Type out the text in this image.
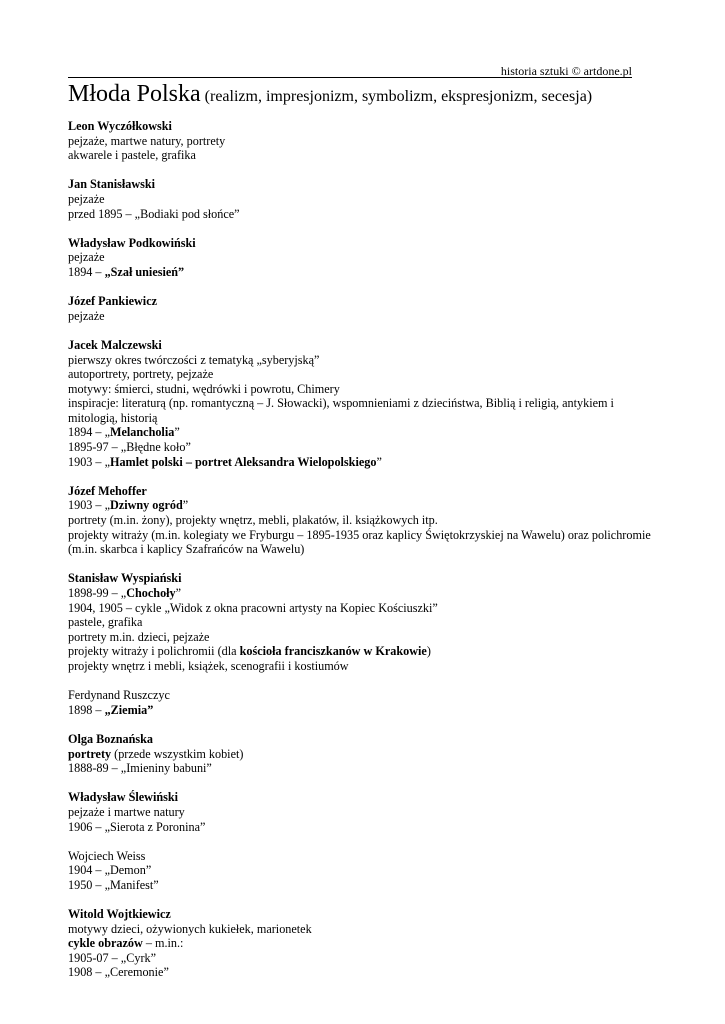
historia sztuki © artdone.pl
Młoda Polska (realizm, impresjonizm, symbolizm, ekspresjonizm, secesja)
Leon Wyczółkowski
pejzaże, martwe natury, portrety
akwarele i pastele, grafika
Jan Stanisławski
pejzaże
przed 1895 – „Bodiaki pod słońce”
Władysław Podkowiński
pejzaże
1894 – „Szał uniesień”
Józef Pankiewicz
pejzaże
Jacek Malczewski
pierwszy okres twórczości z tematyką „syberyjską”
autoportrety, portrety, pejzaże
motywy: śmierci, studni, wędrówki i powrotu, Chimery
inspiracje: literaturą (np. romantyczną – J. Słowacki), wspomnieniami z dzieciństwa, Biblią i religią, antykiem i mitologią, historią
1894 – „Melancholia”
1895-97 – „Błędne koło”
1903 – „Hamlet polski – portret Aleksandra Wielopolskiego”
Józef Mehoffer
1903 – „Dziwny ogród”
portrety (m.in. żony), projekty wnętrz, mebli, plakatów, il. książkowych itp.
projekty witraży (m.in. kolegiaty we Fryburgu – 1895-1935 oraz kaplicy Świętokrzyskiej na Wawelu) oraz polichromie (m.in. skarbca i kaplicy Szafrańców na Wawelu)
Stanisław Wyspiański
1898-99 – „Chochoły”
1904, 1905 – cykle „Widok z okna pracowni artysty na Kopiec Kościuszki”
pastele, grafika
portrety m.in. dzieci, pejzaże
projekty witraży i polichromii (dla kościoła franciszkanów w Krakowie)
projekty wnętrz i mebli, książek, scenografii i kostiumów
Ferdynand Ruszczyc
1898 – „Ziemia”
Olga Boznańska
portrety (przede wszystkim kobiet)
1888-89 – „Imieniny babuni”
Władysław Ślewiński
pejzaże i martwe natury
1906 – „Sierota z Poronina”
Wojciech Weiss
1904 – „Demon”
1950 – „Manifest”
Witold Wojtkiewicz
motywy dzieci, ożywionych kukiełek, marionetek
cykle obrazów – m.in.:
1905-07 – „Cyrk”
1908 – „Ceremonie”
